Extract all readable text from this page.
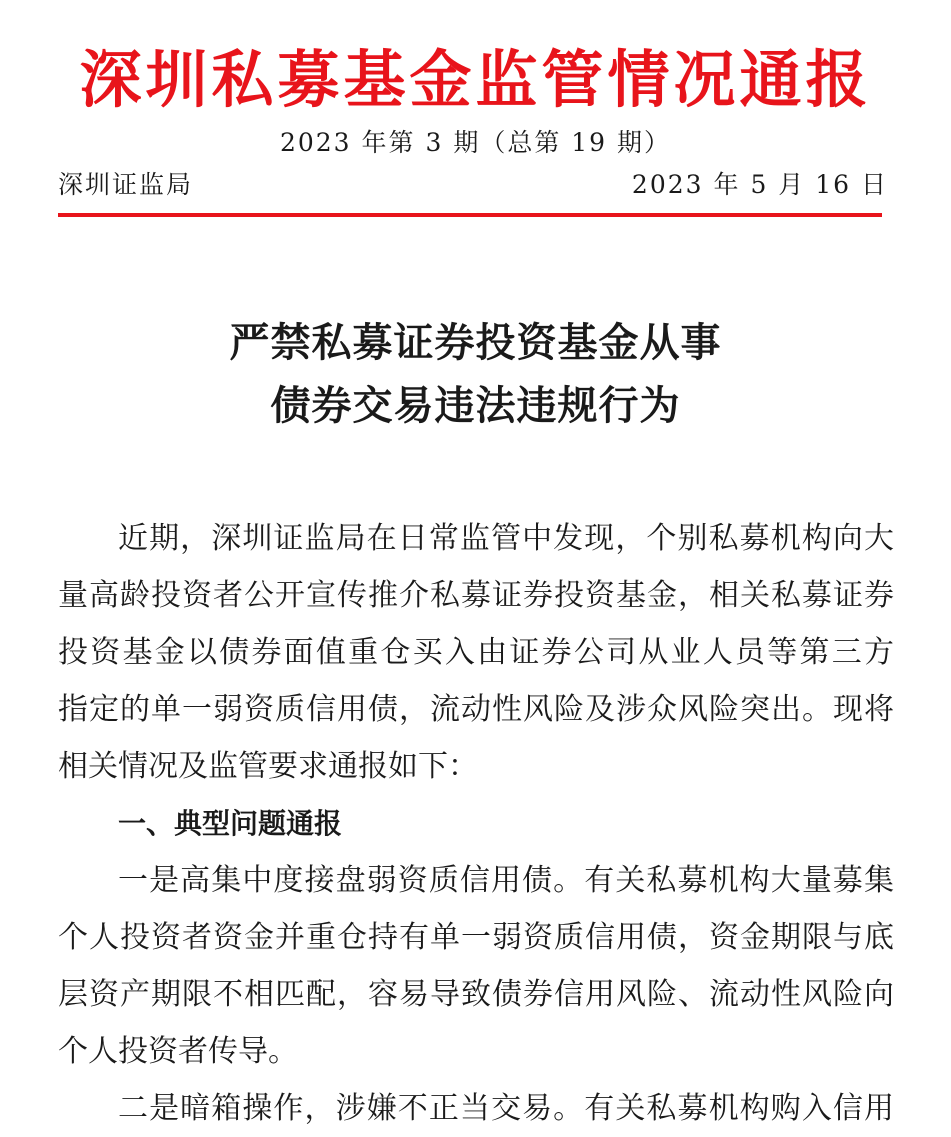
深圳私募基金监管情况通报
2023 年第 3 期（总第 19 期）
深圳证监局	2023 年 5 月 16 日
严禁私募证券投资基金从事
债券交易违法违规行为
近期，深圳证监局在日常监管中发现，个别私募机构向大
量高龄投资者公开宣传推介私募证券投资基金，相关私募证券
投资基金以债券面值重仓买入由证券公司从业人员等第三方
指定的单一弱资质信用债，流动性风险及涉众风险突出。现将
相关情况及监管要求通报如下：
一、典型问题通报
一是高集中度接盘弱资质信用债。有关私募机构大量募集
个人投资者资金并重仓持有单一弱资质信用债，资金期限与底
层资产期限不相匹配，容易导致债券信用风险、流动性风险向
个人投资者传导。
二是暗箱操作，涉嫌不正当交易。有关私募机构购入信用
